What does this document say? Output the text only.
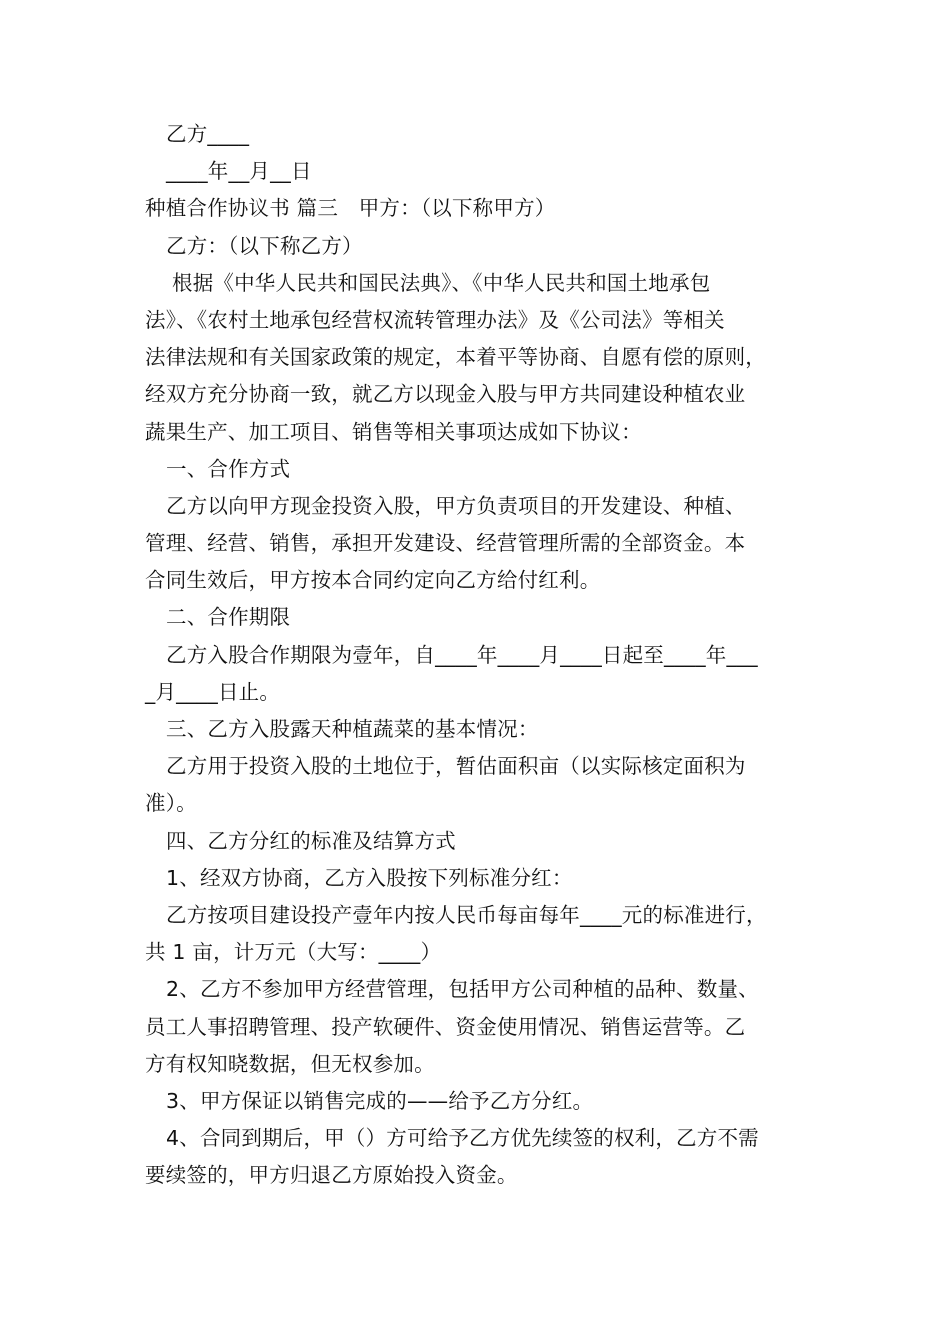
乙方____
____年__月__日
种植合作协议书 篇三　甲方：（以下称甲方）
乙方：（以下称乙方）
根据《中华人民共和国民法典》、《中华人民共和国土地承包
法》、《农村土地承包经营权流转管理办法》及《公司法》等相关
法律法规和有关国家政策的规定，本着平等协商、自愿有偿的原则，
经双方充分协商一致，就乙方以现金入股与甲方共同建设种植农业
蔬果生产、加工项目、销售等相关事项达成如下协议：
一、合作方式
乙方以向甲方现金投资入股，甲方负责项目的开发建设、种植、
管理、经营、销售，承担开发建设、经营管理所需的全部资金。本
合同生效后，甲方按本合同约定向乙方给付红利。
二、合作期限
乙方入股合作期限为壹年，自____年____月____日起至____年___
_月____日止。
三、乙方入股露天种植蔬菜的基本情况：
乙方用于投资入股的土地位于，暂估面积亩（以实际核定面积为
准）。
四、乙方分红的标准及结算方式
1、经双方协商，乙方入股按下列标准分红：
乙方按项目建设投产壹年内按人民币每亩每年____元的标准进行，
共 1 亩，计万元（大写：____）
2、乙方不参加甲方经营管理，包括甲方公司种植的品种、数量、
员工人事招聘管理、投产软硬件、资金使用情况、销售运营等。乙
方有权知晓数据，但无权参加。
3、甲方保证以销售完成的——给予乙方分红。
4、合同到期后，甲（）方可给予乙方优先续签的权利，乙方不需
要续签的，甲方归退乙方原始投入资金。
